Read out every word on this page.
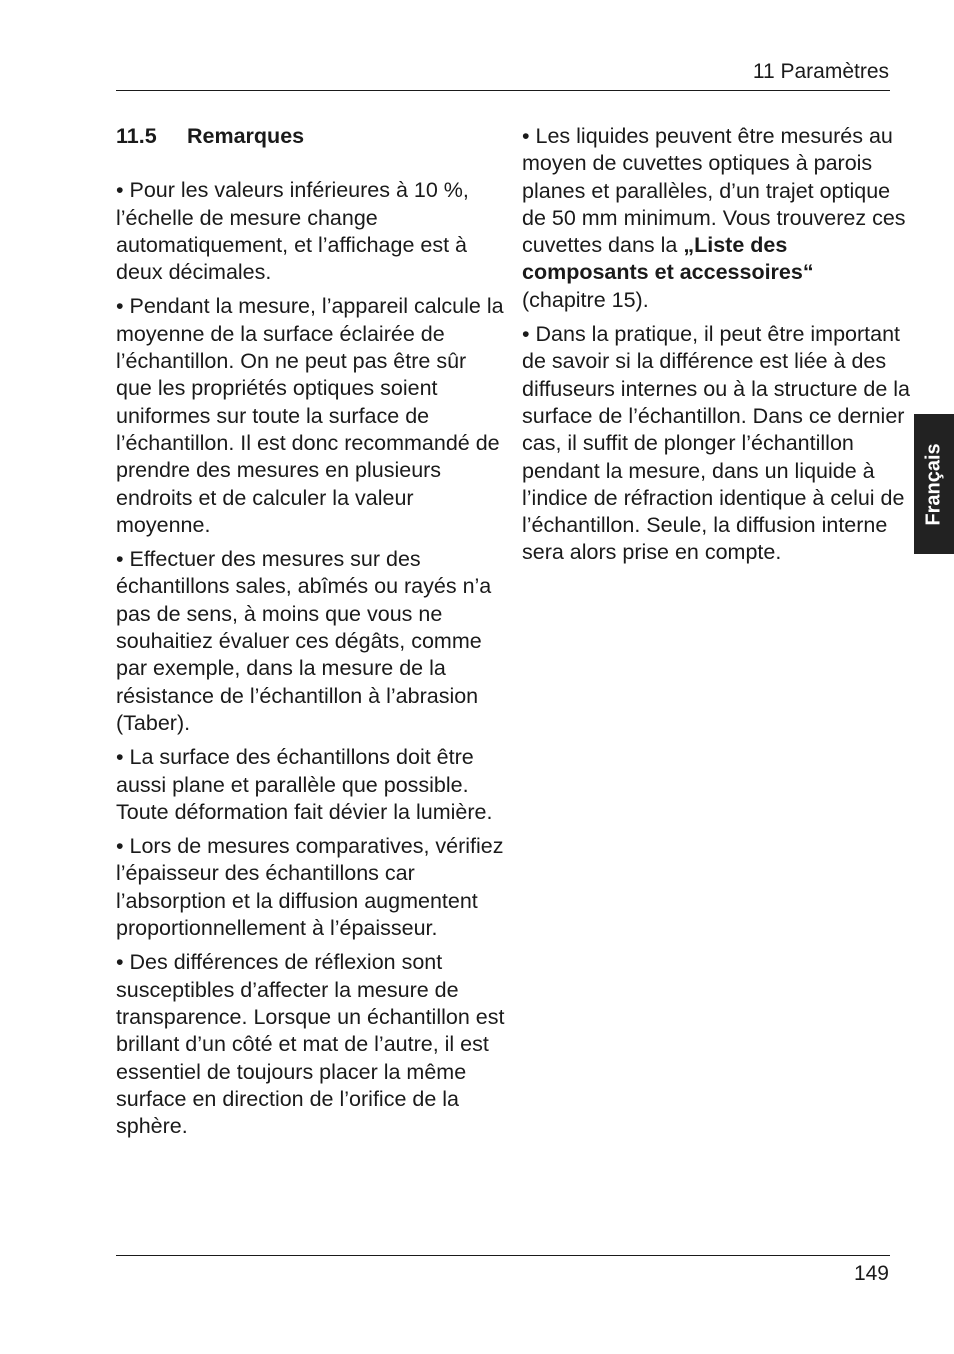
11 Paramètres
Français
11.5	Remarques

• Pour les valeurs inférieures à 10 %, l’échelle de mesure change automatiquement, et l’affichage est à deux décimales.

• Pendant la mesure, l’appareil calcule la moyenne de la surface éclairée de l’échantillon. On ne peut pas être sûr que les propriétés optiques soient uniformes sur toute la surface de l’échantillon. Il est donc recommandé de prendre des mesures en plusieurs endroits et de calculer la valeur moyenne.

• Effectuer des mesures sur des échantillons sales, abîmés ou rayés n’a pas de sens, à moins que vous ne souhaitiez évaluer ces dégâts, comme par exemple, dans la mesure de la résistance de l’échantillon à l’abrasion (Taber).

• La surface des échantillons doit être aussi plane et parallèle que possible. Toute déformation fait dévier la lumière.

• Lors de mesures comparatives, vérifiez l’épaisseur des échantillons car l’absorption et la diffusion augmentent proportionnellement à l’épaisseur.

• Des différences de réflexion sont susceptibles d’affecter la mesure de transparence. Lorsque un échantillon est brillant d’un côté et mat de l’autre, il est essentiel de toujours placer la même surface en direction de l’orifice de la sphère.

• Les liquides peuvent être mesurés au moyen de cuvettes optiques à parois planes et parallèles, d’un trajet optique de 50 mm minimum. Vous trouverez ces cuvettes dans la „Liste des composants et accessoires“ (chapitre 15).

• Dans la pratique, il peut être important de savoir si la différence est liée à des diffuseurs internes ou à la structure de la surface de l’échantillon. Dans ce dernier cas, il suffit de plonger l’échantillon pendant la mesure, dans un liquide à l’indice de réfraction identique à celui de l’échantillon. Seule, la diffusion interne sera alors prise en compte.

149
